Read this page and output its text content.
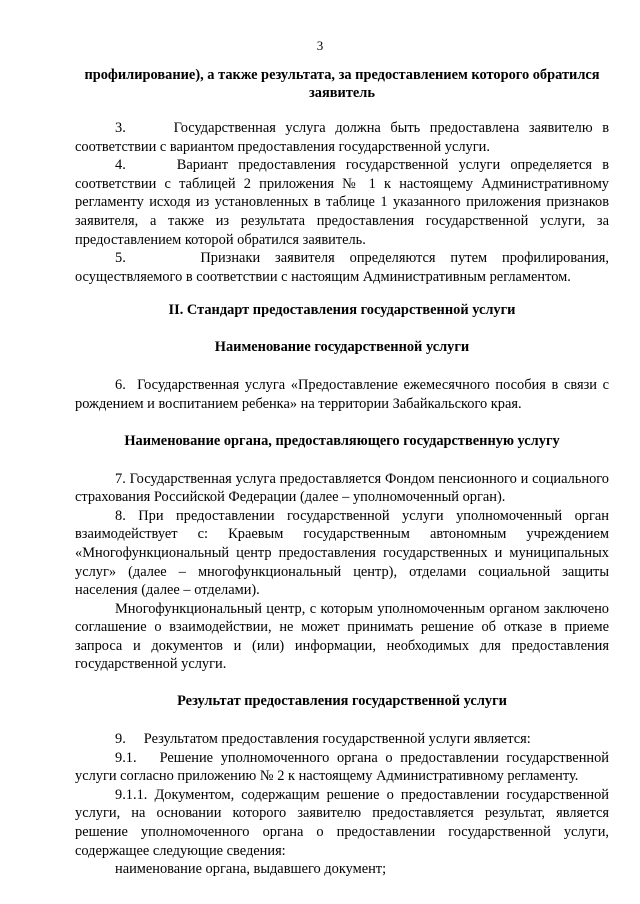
3

профилирование), а также результата, за предоставлением которого обратился заявитель

3.     Государственная услуга должна быть предоставлена заявителю в соответствии с вариантом предоставления государственной услуги.

4.     Вариант предоставления государственной услуги определяется в соответствии с таблицей 2 приложения № 1 к настоящему Административному регламенту исходя из установленных в таблице 1 указанного приложения признаков заявителя, а также из результата предоставления государственной услуги, за предоставлением которой обратился заявитель.

5.     Признаки заявителя определяются путем профилирования, осуществляемого в соответствии с настоящим Административным регламентом.

II. Стандарт предоставления государственной услуги

Наименование государственной услуги

6.  Государственная услуга «Предоставление ежемесячного пособия в связи с рождением и воспитанием ребенка» на территории Забайкальского края.

Наименование органа, предоставляющего государственную услугу

7. Государственная услуга предоставляется Фондом пенсионного и социального страхования Российской Федерации (далее – уполномоченный орган).

8. При предоставлении государственной услуги уполномоченный орган взаимодействует с: Краевым государственным автономным учреждением «Многофункциональный центр предоставления государственных и муниципальных услуг» (далее – многофункциональный центр), отделами социальной защиты населения (далее – отделами).

Многофункциональный центр, с которым уполномоченным органом заключено соглашение о взаимодействии, не может принимать решение об отказе в приеме запроса и документов и (или) информации, необходимых для предоставления государственной услуги.

Результат предоставления государственной услуги

9.     Результатом предоставления государственной услуги является:

9.1.   Решение уполномоченного органа о предоставлении государственной услуги согласно приложению № 2 к настоящему Административному регламенту.

9.1.1. Документом, содержащим решение о предоставлении государственной услуги, на основании которого заявителю предоставляется результат, является решение уполномоченного органа о предоставлении государственной услуги, содержащее следующие сведения:

наименование органа, выдавшего документ;
